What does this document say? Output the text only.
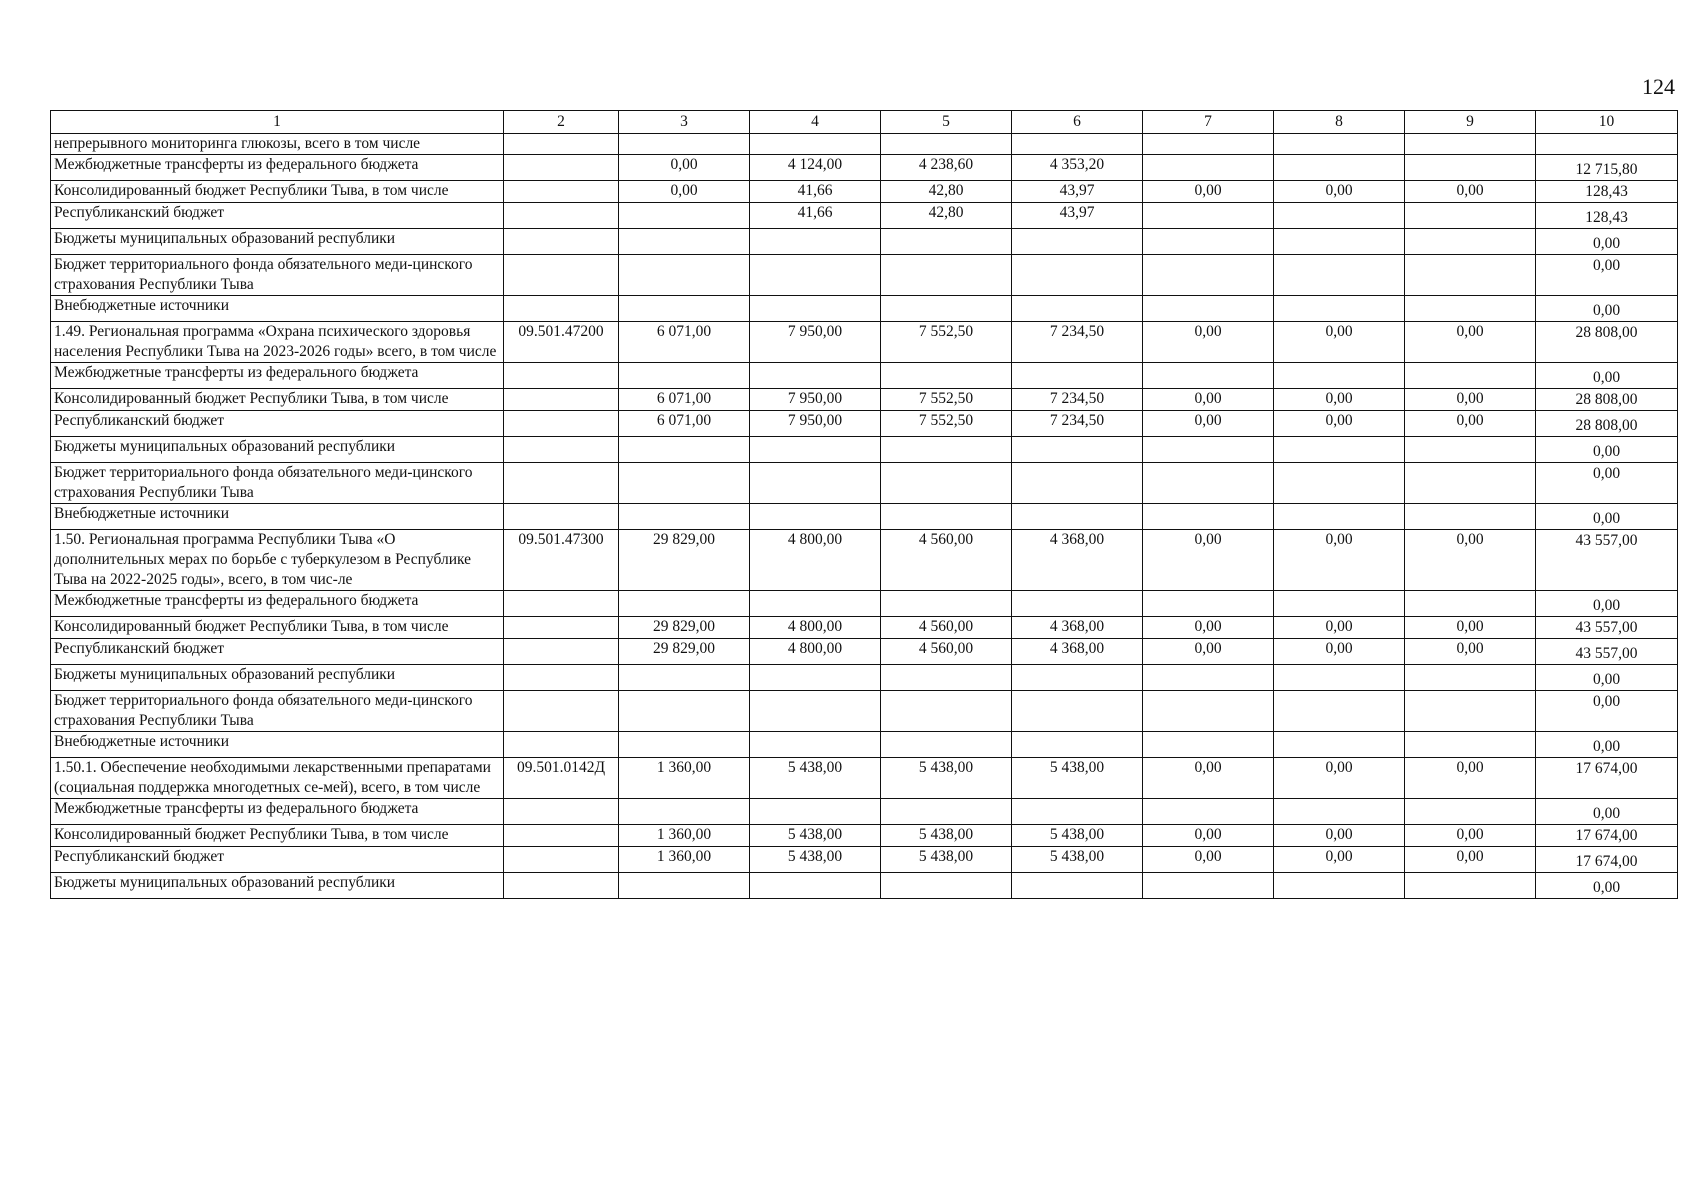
124
1	2	3	4	5	6	7	8	9	10
непрерывного мониторинга глюкозы, всего в том числе									
Межбюджетные трансферты из федерального бюджета		0,00	4 124,00	4 238,60	4 353,20				12 715,80
Консолидированный бюджет Республики Тыва, в том числе		0,00	41,66	42,80	43,97	0,00	0,00	0,00	128,43
Республиканский бюджет			41,66	42,80	43,97				128,43
Бюджеты муниципальных образований республики									0,00
Бюджет территориального фонда обязательного меди-цинского страхования Республики Тыва									0,00
Внебюджетные источники									0,00
1.49. Региональная программа «Охрана психического здоровья населения Республики Тыва на 2023-2026 годы» всего, в том числе	09.501.47200	6 071,00	7 950,00	7 552,50	7 234,50	0,00	0,00	0,00	28 808,00
Межбюджетные трансферты из федерального бюджета									0,00
Консолидированный бюджет Республики Тыва, в том числе		6 071,00	7 950,00	7 552,50	7 234,50	0,00	0,00	0,00	28 808,00
Республиканский бюджет		6 071,00	7 950,00	7 552,50	7 234,50	0,00	0,00	0,00	28 808,00
Бюджеты муниципальных образований республики									0,00
Бюджет территориального фонда обязательного меди-цинского страхования Республики Тыва									0,00
Внебюджетные источники									0,00
1.50. Региональная программа Республики Тыва «О дополнительных мерах по борьбе с туберкулезом в Республике Тыва на 2022-2025 годы», всего, в том чис-ле	09.501.47300	29 829,00	4 800,00	4 560,00	4 368,00	0,00	0,00	0,00	43 557,00
Межбюджетные трансферты из федерального бюджета									0,00
Консолидированный бюджет Республики Тыва, в том числе		29 829,00	4 800,00	4 560,00	4 368,00	0,00	0,00	0,00	43 557,00
Республиканский бюджет		29 829,00	4 800,00	4 560,00	4 368,00	0,00	0,00	0,00	43 557,00
Бюджеты муниципальных образований республики									0,00
Бюджет территориального фонда обязательного меди-цинского страхования Республики Тыва									0,00
Внебюджетные источники									0,00
1.50.1. Обеспечение необходимыми лекарственными препаратами (социальная поддержка многодетных се-мей), всего, в том числе	09.501.0142Д	1 360,00	5 438,00	5 438,00	5 438,00	0,00	0,00	0,00	17 674,00
Межбюджетные трансферты из федерального бюджета									0,00
Консолидированный бюджет Республики Тыва, в том числе		1 360,00	5 438,00	5 438,00	5 438,00	0,00	0,00	0,00	17 674,00
Республиканский бюджет		1 360,00	5 438,00	5 438,00	5 438,00	0,00	0,00	0,00	17 674,00
Бюджеты муниципальных образований республики									0,00
